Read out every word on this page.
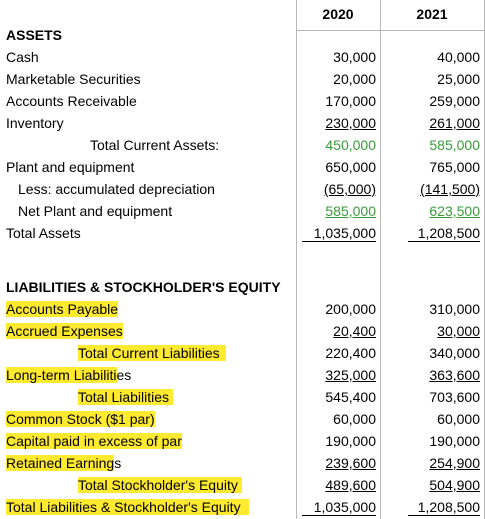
2020	2021
ASSETS
Cash	30,000	40,000
Marketable Securities	20,000	25,000
Accounts Receivable	170,000	259,000
Inventory	230,000	261,000
Total Current Assets:	450,000	585,000
Plant and equipment	650,000	765,000
Less: accumulated depreciation	(65,000)	(141,500)
Net Plant and equipment	585,000	623,500
Total Assets	1,035,000	1,208,500
LIABILITIES & STOCKHOLDER'S EQUITY
Accounts Payable	200,000	310,000
Accrued Expenses	20,400	30,000
Total Current Liabilities	220,400	340,000
Long-term Liabilities	325,000	363,600
Total Liabilities	545,400	703,600
Common Stock ($1 par)	60,000	60,000
Capital paid in excess of par	190,000	190,000
Retained Earnings	239,600	254,900
Total Stockholder's Equity	489,600	504,900
Total Liabilities & Stockholder's Equity	1,035,000	1,208,500
